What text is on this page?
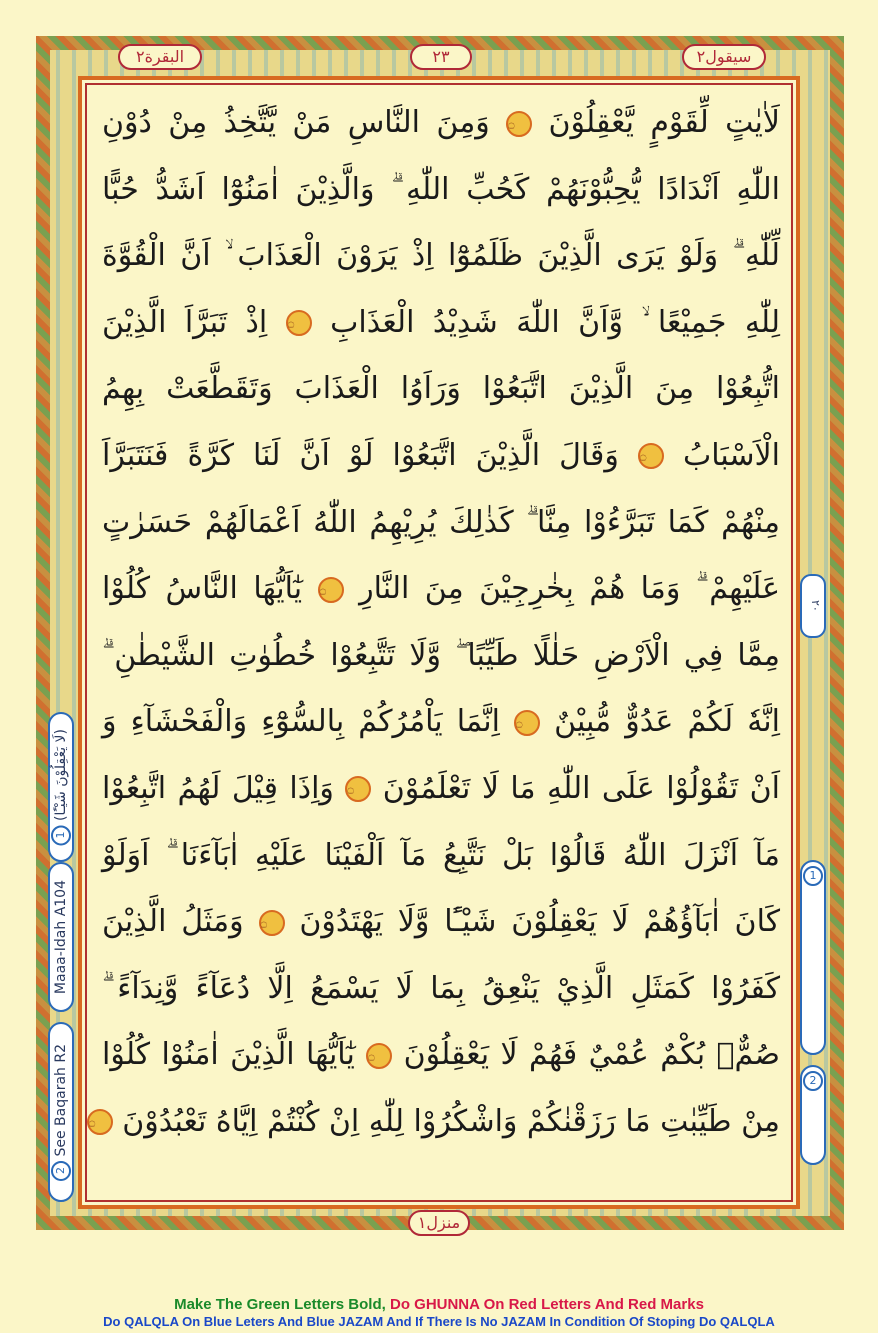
البقرة٢	٢٣	سيقول٢
لَاٰيٰتٍ لِّقَوْمٍ يَّعْقِلُوْنَ ۝ وَمِنَ النَّاسِ مَنْ يَّتَّخِذُ مِنْ دُوْنِ
اللّٰهِ اَنْدَادًا يُّحِبُّوْنَهُمْ كَحُبِّ اللّٰهِ ۗ وَالَّذِيْنَ اٰمَنُوْٓا اَشَدُّ حُبًّا
لِّلّٰهِ ۗ وَلَوْ يَرَى الَّذِيْنَ ظَلَمُوْٓا اِذْ يَرَوْنَ الْعَذَابَ ۙ اَنَّ الْقُوَّةَ
لِلّٰهِ جَمِيْعًا ۙ وَّاَنَّ اللّٰهَ شَدِيْدُ الْعَذَابِ ۝ اِذْ تَبَرَّاَ الَّذِيْنَ
اتُّبِعُوْا مِنَ الَّذِيْنَ اتَّبَعُوْا وَرَاَوُا الْعَذَابَ وَتَقَطَّعَتْ بِهِمُ
الْاَسْبَابُ ۝ وَقَالَ الَّذِيْنَ اتَّبَعُوْا لَوْ اَنَّ لَنَا كَرَّةً فَنَتَبَرَّاَ
مِنْهُمْ كَمَا تَبَرَّءُوْا مِنَّا ۗ كَذٰلِكَ يُرِيْهِمُ اللّٰهُ اَعْمَالَهُمْ حَسَرٰتٍ
عَلَيْهِمْ ۗ وَمَا هُمْ بِخٰرِجِيْنَ مِنَ النَّارِ ۝ يٰٓاَيُّهَا النَّاسُ كُلُوْا
مِمَّا فِي الْاَرْضِ حَلٰلًا طَيِّبًا ۖ وَّلَا تَتَّبِعُوْا خُطُوٰتِ الشَّيْطٰنِ ۗ
اِنَّهٗ لَكُمْ عَدُوٌّ مُّبِيْنٌ ۝ اِنَّمَا يَاْمُرُكُمْ بِالسُّوْٓءِ وَالْفَحْشَآءِ وَ
اَنْ تَقُوْلُوْا عَلَى اللّٰهِ مَا لَا تَعْلَمُوْنَ ۝ وَاِذَا قِيْلَ لَهُمُ اتَّبِعُوْا
مَآ اَنْزَلَ اللّٰهُ قَالُوْا بَلْ نَتَّبِعُ مَآ اَلْفَيْنَا عَلَيْهِ اٰبَآءَنَا ۗ اَوَلَوْ
كَانَ اٰبَآؤُهُمْ لَا يَعْقِلُوْنَ شَيْـًٔا وَّلَا يَهْتَدُوْنَ ۝ وَمَثَلُ الَّذِيْنَ
كَفَرُوْا كَمَثَلِ الَّذِيْ يَنْعِقُ بِمَا لَا يَسْمَعُ اِلَّا دُعَآءً وَّنِدَآءً ۗ
صُمٌّۢ بُكْمٌ عُمْيٌ فَهُمْ لَا يَعْقِلُوْنَ ۝ يٰٓاَيُّهَا الَّذِيْنَ اٰمَنُوْا كُلُوْا
مِنْ طَيِّبٰتِ مَا رَزَقْنٰكُمْ وَاشْكُرُوْا لِلّٰهِ اِنْ كُنْتُمْ اِيَّاهُ تَعْبُدُوْنَ ۝
منزل١
1 (لَا يَعْقِلُوْنَ شَيْـًٔا)
Maaa-Idah A104
2 See Baqarah R2
٢٠
1
2
Make The Green Letters Bold, Do GHUNNA On Red Letters And Red Marks
Do QALQLA On Blue Leters And Blue JAZAM And If There Is No JAZAM In Condition Of Stoping Do QALQLA
